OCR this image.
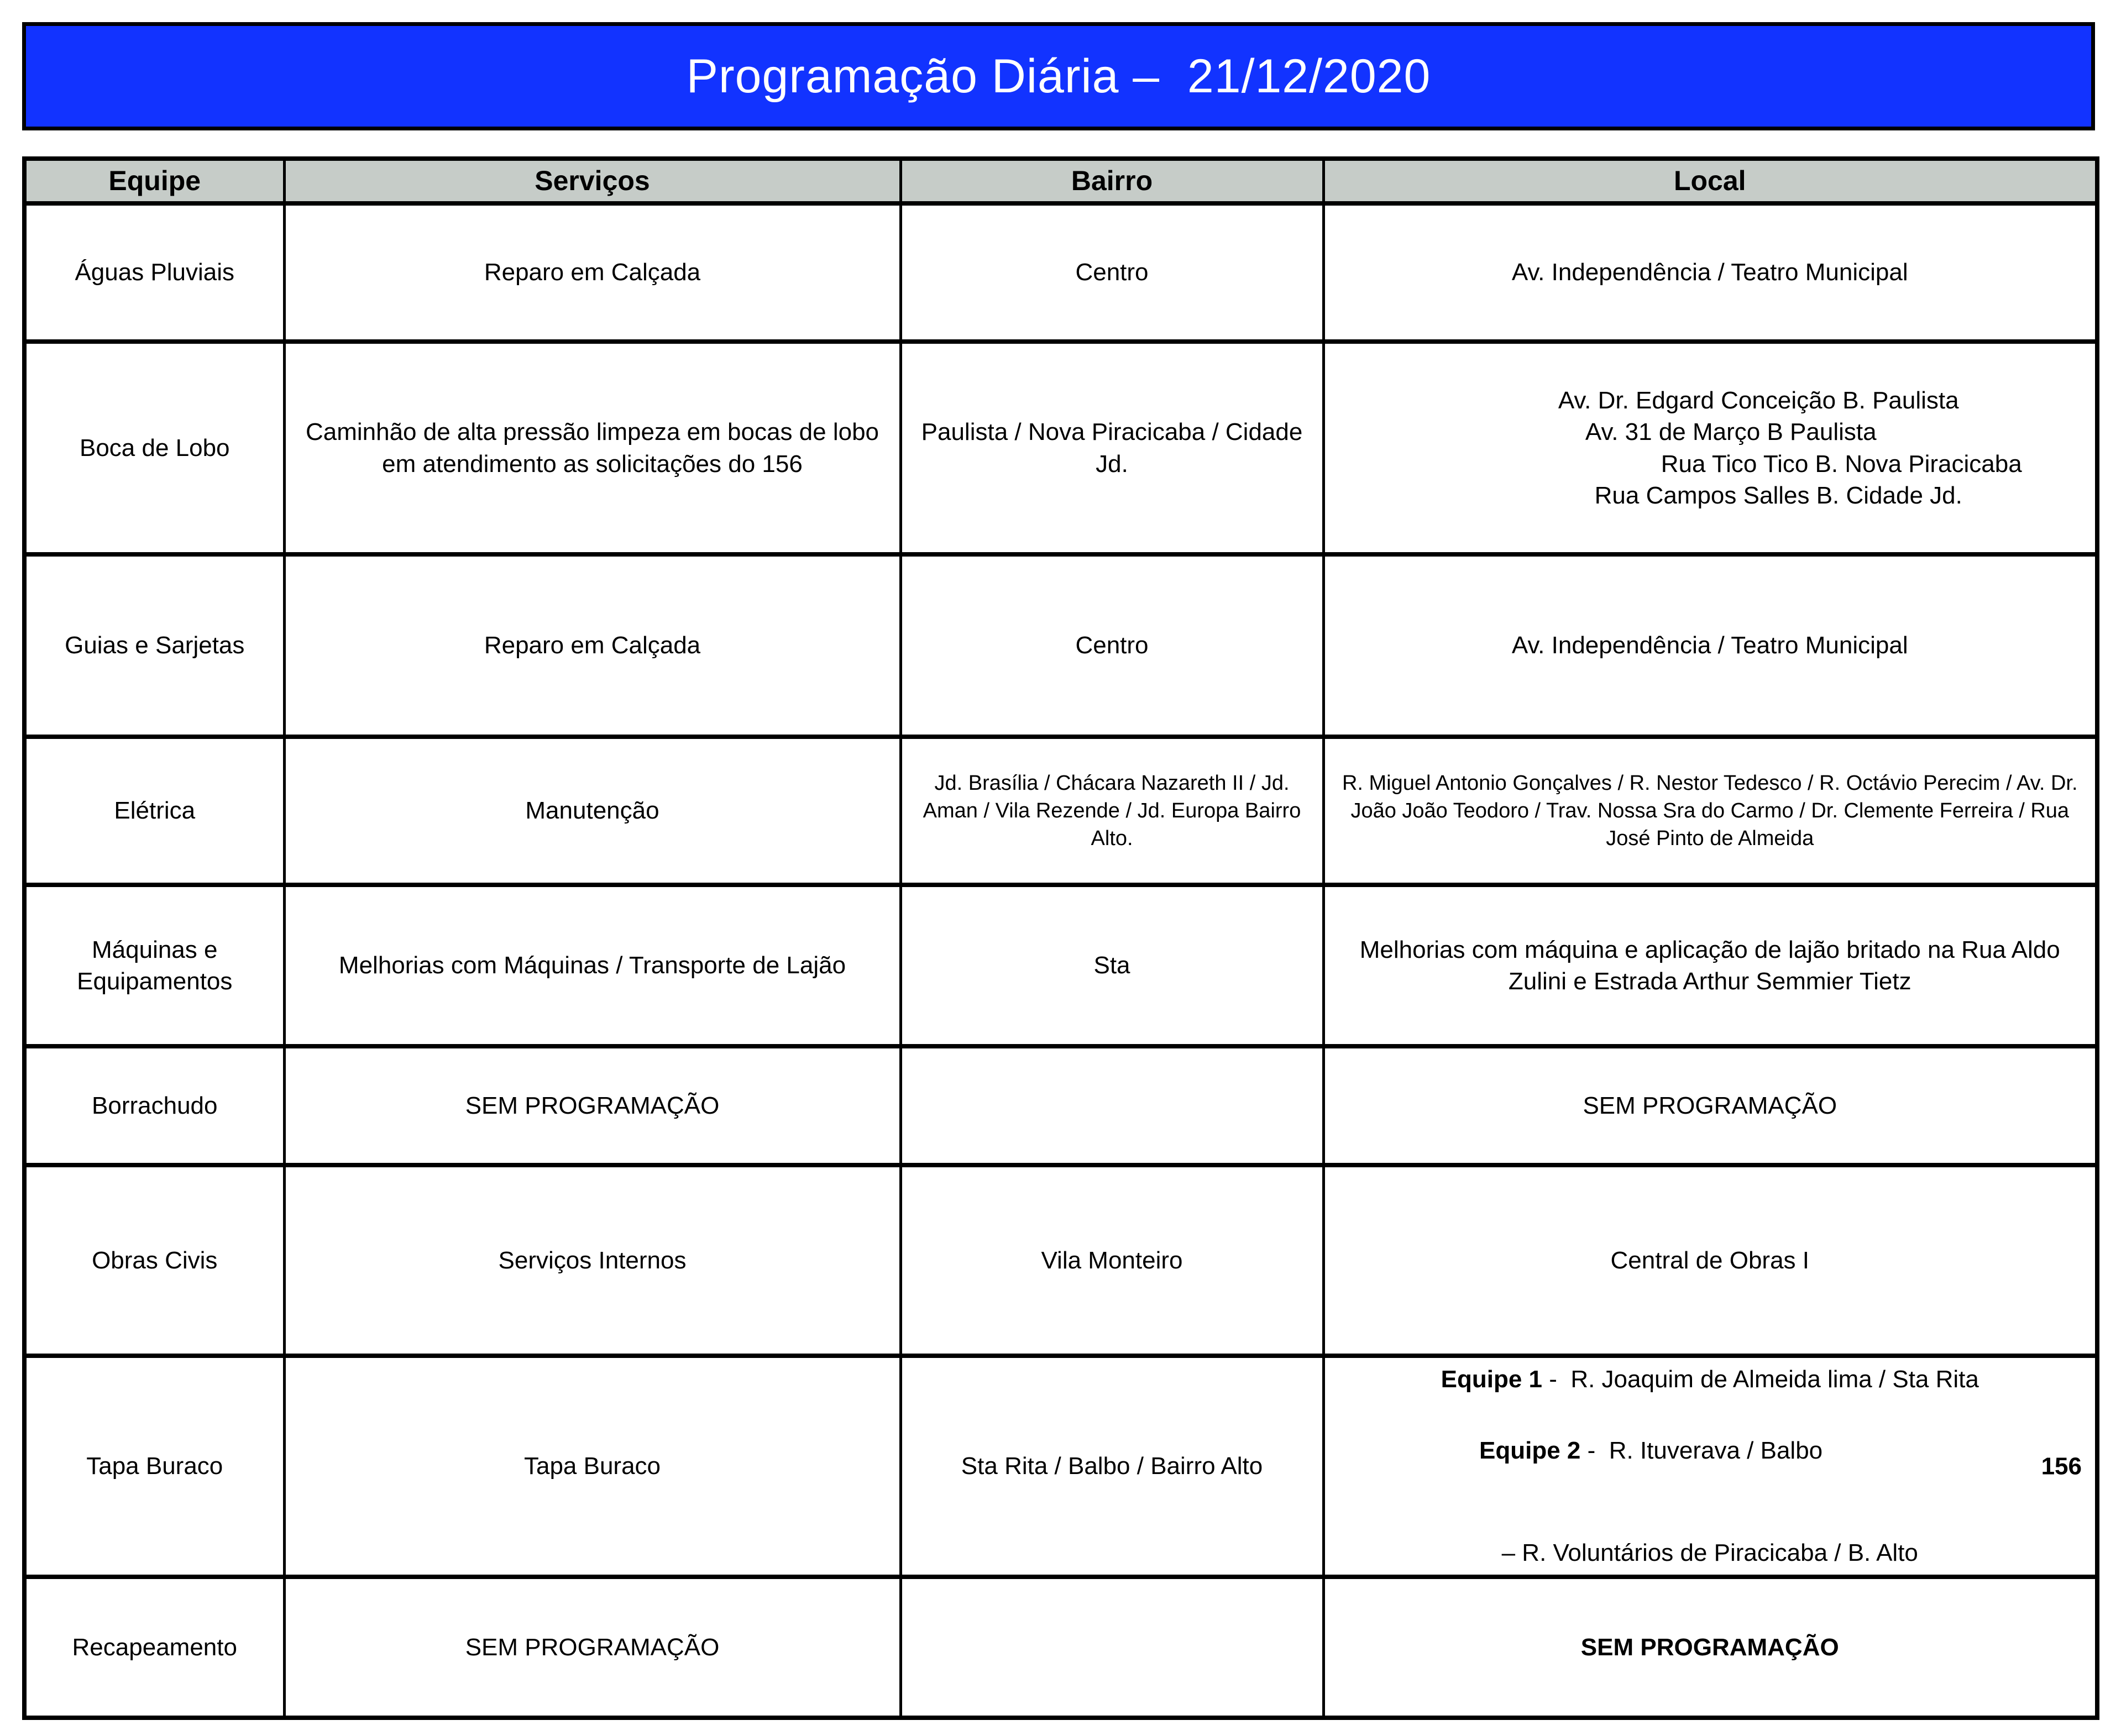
Programação Diária –  21/12/2020
Equipe	Serviços	Bairro	Local
Águas Pluviais	Reparo em Calçada	Centro	Av. Independência / Teatro Municipal
Boca de Lobo	Caminhão de alta pressão limpeza em bocas de lobo em atendimento as solicitações do 156	Paulista / Nova Piracicaba / Cidade Jd.	Av. Dr. Edgard Conceição B. Paulista
Av. 31 de Março B Paulista
Rua Tico Tico B. Nova Piracicaba
Rua Campos Salles B. Cidade Jd.

Guias e Sarjetas	Reparo em Calçada	Centro	Av. Independência / Teatro Municipal
Elétrica	Manutenção	Jd. Brasília / Chácara Nazareth II / Jd. Aman / Vila Rezende / Jd. Europa Bairro Alto.	R. Miguel Antonio Gonçalves / R. Nestor Tedesco / R. Octávio Perecim / Av. Dr. João João Teodoro / Trav. Nossa Sra do Carmo / Dr. Clemente Ferreira / Rua José Pinto de Almeida
Máquinas e Equipamentos	Melhorias com Máquinas / Transporte de Lajão	Sta	Melhorias com máquina e aplicação de lajão britado na Rua Aldo Zulini e Estrada Arthur Semmier Tietz
Borrachudo	SEM PROGRAMAÇÃO		SEM PROGRAMAÇÃO
Obras Civis	Serviços Internos	Vila Monteiro	Central de Obras I
Tapa Buraco	Tapa Buraco	Sta Rita / Balbo / Bairro Alto	Equipe 1 -  R. Joaquim de Almeida lima / Sta Rita

Equipe 2 -  R. Ituverava / Balbo

156

– R. Voluntários de Piracicaba / B. Alto

Recapeamento	SEM PROGRAMAÇÃO		SEM PROGRAMAÇÃO
